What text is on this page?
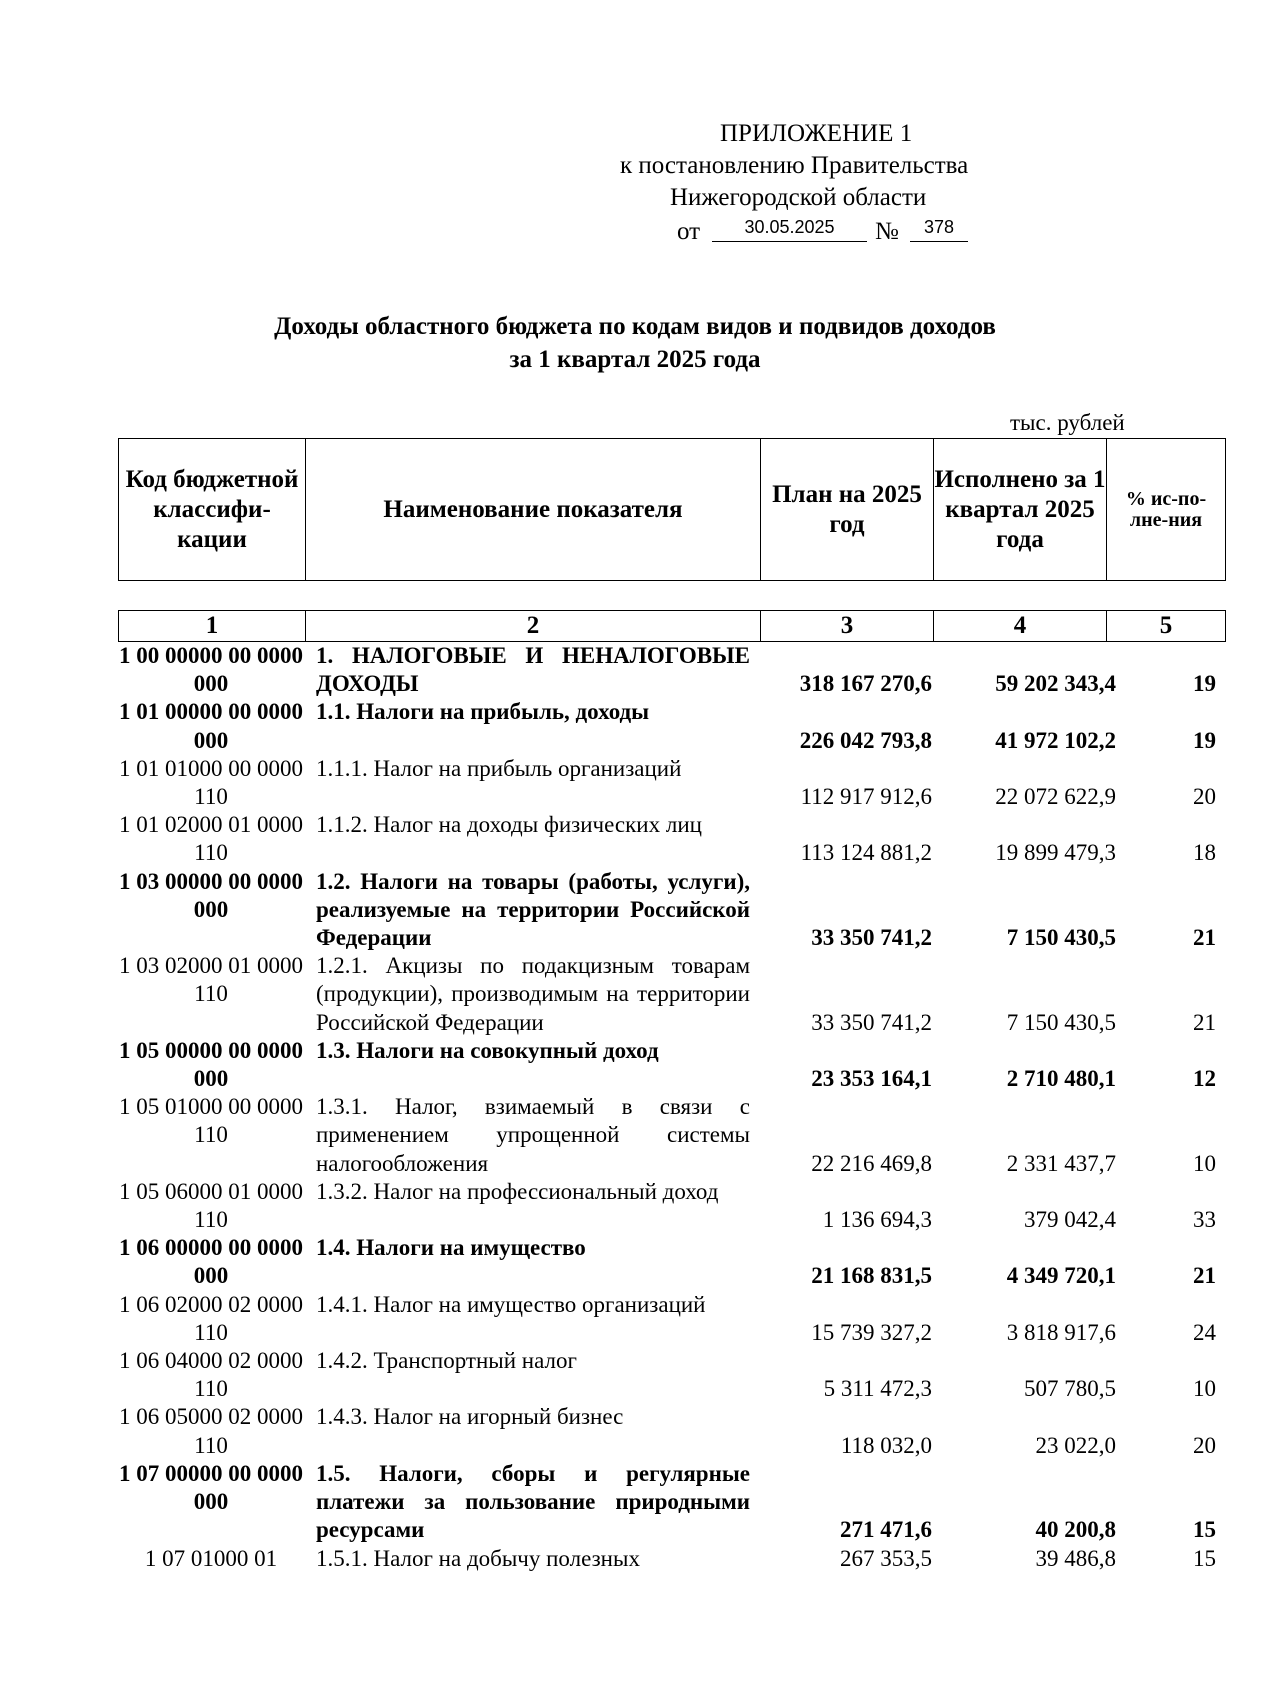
ПРИЛОЖЕНИЕ 1
к постановлению Правительства
Нижегородской области
от	30.05.2025	№	378
Доходы областного бюджета по кодам видов и подвидов доходов
за 1 квартал 2025 года
тыс. рублей
Код бюджетной классифи-кации	Наименование показателя	План на 2025 год	Исполнено за 1 квартал 2025 года	% ис-по-лне-ния
1	2	3	4	5
1 00 00000 00 0000 000	1. НАЛОГОВЫЕ И НЕНАЛОГОВЫЕ ДОХОДЫ	318 167 270,6	59 202 343,4	19
1 01 00000 00 0000 000	1.1. Налоги на прибыль, доходы	226 042 793,8	41 972 102,2	19
1 01 01000 00 0000 110	1.1.1. Налог на прибыль организаций	112 917 912,6	22 072 622,9	20
1 01 02000 01 0000 110	1.1.2. Налог на доходы физических лиц	113 124 881,2	19 899 479,3	18
1 03 00000 00 0000 000	1.2. Налоги на товары (работы, услуги), реализуемые на территории Российской Федерации	33 350 741,2	7 150 430,5	21
1 03 02000 01 0000 110	1.2.1. Акцизы по подакцизным товарам (продукции), производимым на территории Российской Федерации	33 350 741,2	7 150 430,5	21
1 05 00000 00 0000 000	1.3. Налоги на совокупный доход	23 353 164,1	2 710 480,1	12
1 05 01000 00 0000 110	1.3.1. Налог, взимаемый в связи с применением упрощенной системы налогообложения	22 216 469,8	2 331 437,7	10
1 05 06000 01 0000 110	1.3.2. Налог на профессиональный доход	1 136 694,3	379 042,4	33
1 06 00000 00 0000 000	1.4. Налоги на имущество	21 168 831,5	4 349 720,1	21
1 06 02000 02 0000 110	1.4.1. Налог на имущество организаций	15 739 327,2	3 818 917,6	24
1 06 04000 02 0000 110	1.4.2. Транспортный налог	5 311 472,3	507 780,5	10
1 06 05000 02 0000 110	1.4.3. Налог на игорный бизнес	118 032,0	23 022,0	20
1 07 00000 00 0000 000	1.5. Налоги, сборы и регулярные платежи за пользование природными ресурсами	271 471,6	40 200,8	15
1 07 01000 01	1.5.1. Налог на добычу полезных	267 353,5	39 486,8	15
